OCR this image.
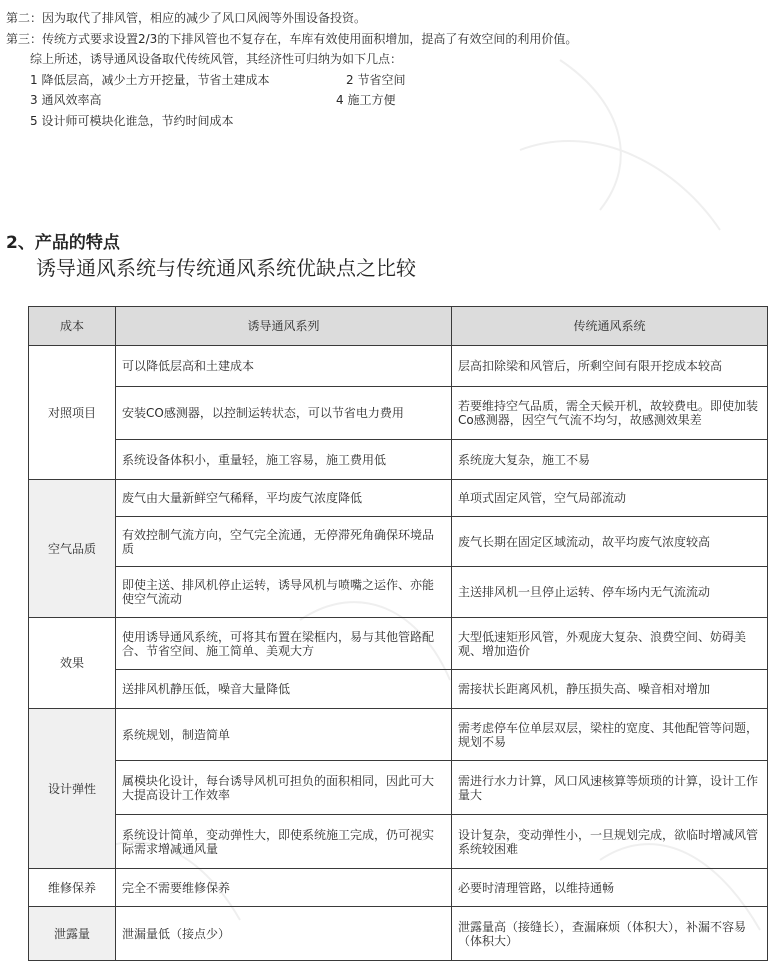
第二：因为取代了排风管，相应的减少了风口风阀等外围设备投资。

第三：传统方式要求设置2/3的下排风管也不复存在，车库有效使用面积增加，提高了有效空间的利用价值。

综上所述，诱导通风设备取代传统风管，其经济性可归纳为如下几点：

1 降低层高，减少土方开挖量，节省土建成本	2 节省空间

3 通风效率高	4 施工方便

5 设计师可模块化谁急，节约时间成本

2、产品的特点
诱导通风系统与传统通风系统优缺点之比较
成本	诱导通风系列	传统通风系统
对照项目	可以降低层高和土建成本	层高扣除梁和风管后，所剩空间有限开挖成本较高
	安装CO感测器，以控制运转状态，可以节省电力费用	若要维持空气品质，需全天候开机，故较费电。即使加装Co感测器，因空气气流不均匀，故感测效果差
	系统设备体积小，重量轻，施工容易，施工费用低	系统庞大复杂，施工不易
空气品质	废气由大量新鲜空气稀释，平均废气浓度降低	单项式固定风管，空气局部流动
	有效控制气流方向，空气完全流通，无停滞死角确保环境品质	废气长期在固定区域流动，故平均废气浓度较高
	即使主送、排风机停止运转，诱导风机与喷嘴之运作、亦能使空气流动	主送排风机一旦停止运转、停车场内无气流流动
效果	使用诱导通风系统，可将其布置在梁框内，易与其他管路配合、节省空间、施工简单、美观大方	大型低速矩形风管，外观庞大复杂、浪费空间、妨碍美观、增加造价
	送排风机静压低，噪音大量降低	需接状长距离风机，静压损失高、噪音相对增加
设计弹性	系统规划，制造简单	需考虑停车位单层双层，梁柱的宽度、其他配管等问题，规划不易
	属模块化设计，每台诱导风机可担负的面积相同，因此可大大提高设计工作效率	需进行水力计算，风口风速核算等烦琐的计算，设计工作量大
	系统设计简单，变动弹性大，即使系统施工完成，仍可视实际需求增减通风量	设计复杂，变动弹性小，一旦规划完成，欲临时增减风管系统较困难
维修保养	完全不需要维修保养	必要时清理管路，以维持通畅
泄露量	泄漏量低（接点少）	泄露量高（接缝长），查漏麻烦（体积大），补漏不容易（体积大）
